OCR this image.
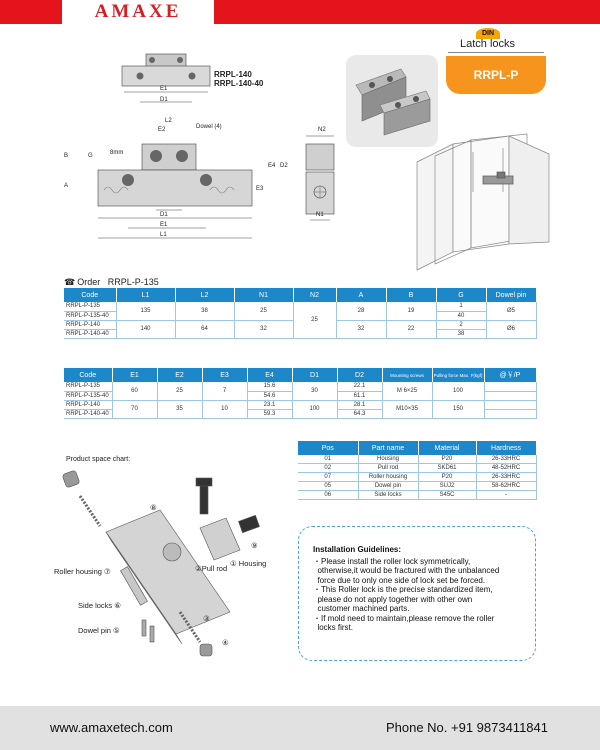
AMAXE
DIN
Latch locks
RRPL-P
RRPL-140
RRPL-140-40
E1
D1
L2
E2	Dowel (4)
B	G	8mm
A
D1
E1
L1
N2
E4 D2
E3
N1
☎ Order RRPL-P-135
Code	L1	L2	N1	N2	A	B	G	Dowel pin
RRPL-P-135	135	38	25	25	28	19	1	Ø5
RRPL-P-135-40							40	
RRPL-P-140	140	64	32		32	22	2	Ø6
RRPL-P-140-40							38	
Code	E1	E2	E3	E4	D1	D2	Mounting screws	Pulling force Max. F(kgf)	@￥/P
RRPL-P-135	60	25	7	15.6	30	22.1	M 6×25	100	
RRPL-P-135-40				54.6		61.1			
RRPL-P-140	70	35	10	23.1	100	28.1	M10×35	150	
RRPL-P-140-40				59.3		64.3			
Pos	Part name	Material	Hardness
01	Housing	P20	26-33HRC
02	Pull rod	SKD61	48-52HRC
07	Roller housing	P20	26-33HRC
05	Dowel pin	SUJ2	58-62HRC
06	Side locks	S45C	-
Product space chart:
Roller housing ⑦
Side locks ⑥
Dowel pin ⑤
②Pull rod
① Housing
③
④
⑧
⑨	Installation Guidelines:
・Please install the roller lock symmetrically,
otherwise,it would be fractured with the unbalanced
force due to only one side of lock set be forced.
・This Roller lock is the precise standardized item,
please do not apply together with other own
customer machined parts.
・If mold need to maintain,please remove the roller
locks first.
www.amaxetech.com	Phone No. +91 9873411841
